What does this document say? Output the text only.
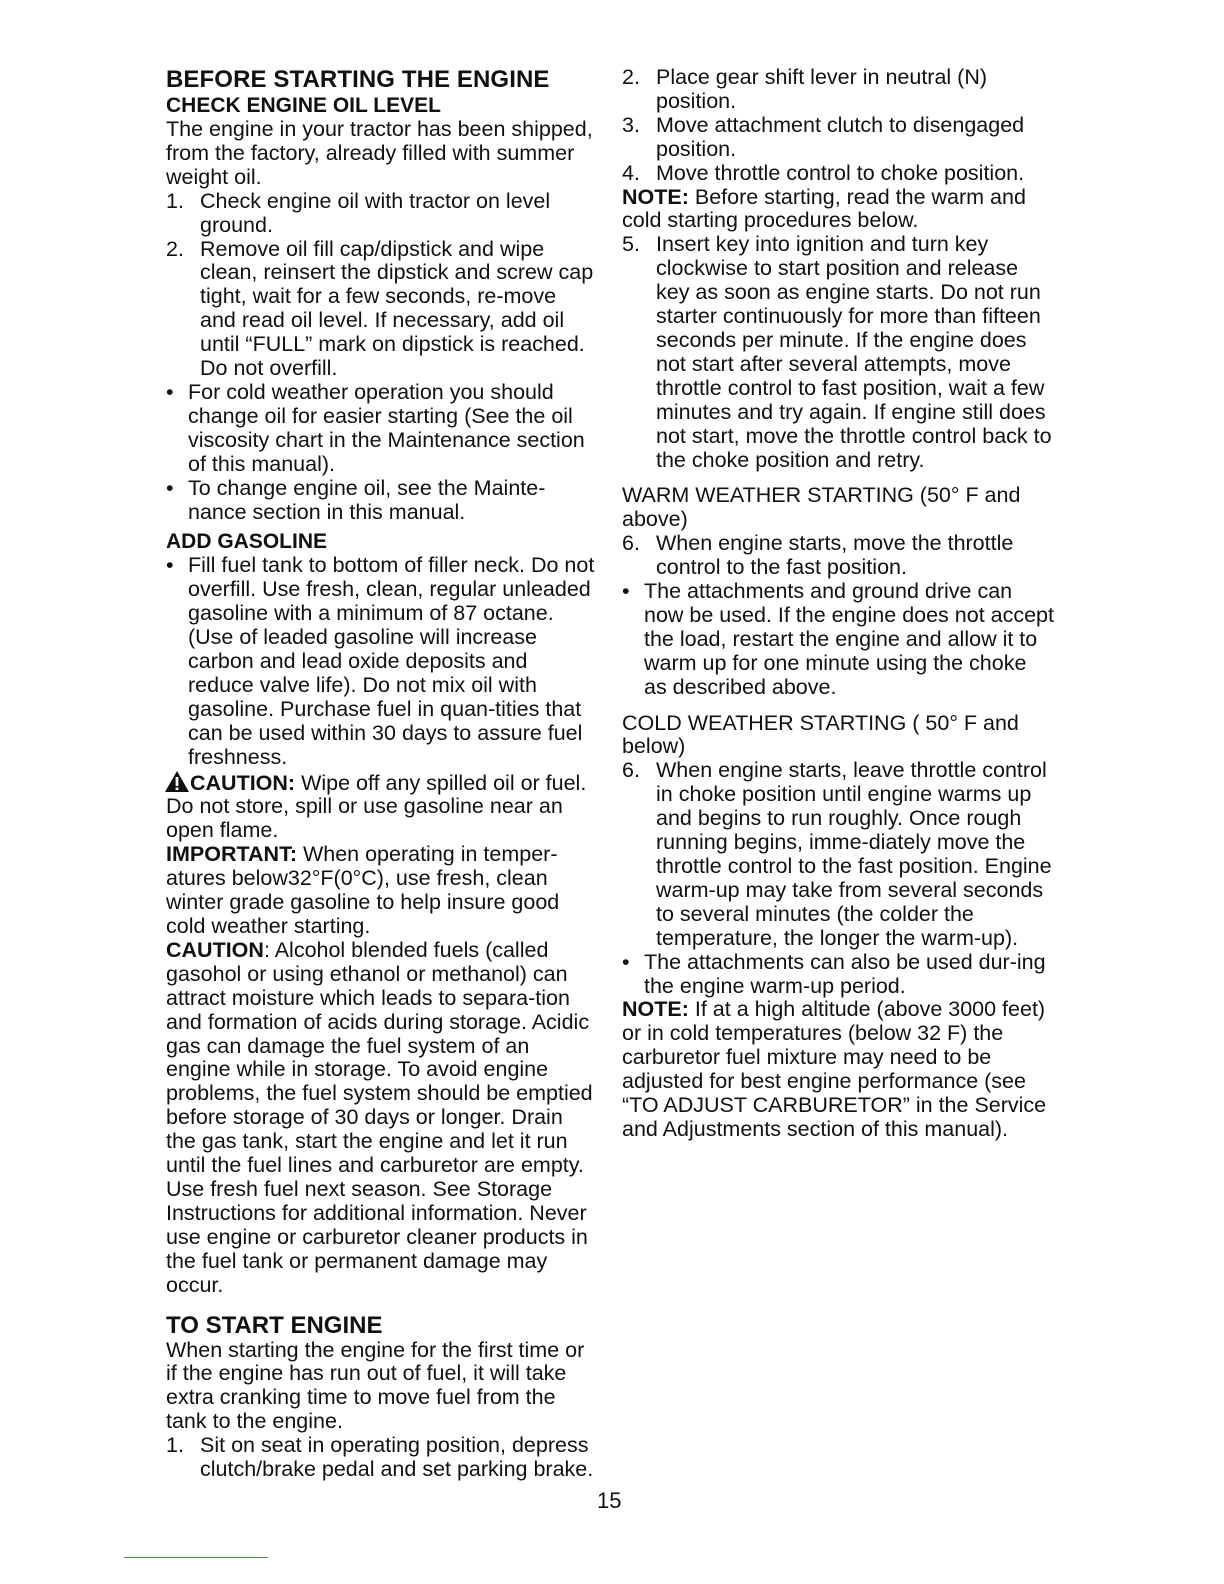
BEFORE STARTING THE ENGINE
CHECK ENGINE OIL LEVEL

The engine in your tractor has been shipped, from the factory, already filled with summer weight oil.

1. Check engine oil with tractor on level ground.
2. Remove oil fill cap/dipstick and wipe clean, reinsert the dipstick and screw cap tight, wait for a few seconds, re-move and read oil level. If necessary, add oil until “FULL” mark on dipstick is reached. Do not overfill.
• For cold weather operation you should change oil for easier starting (See the oil viscosity chart in the Maintenance section of this manual).
• To change engine oil, see the Mainte-nance section in this manual.
ADD GASOLINE
• Fill fuel tank to bottom of filler neck. Do not overfill. Use fresh, clean, regular unleaded gasoline with a minimum of 87 octane. (Use of leaded gasoline will increase carbon and lead oxide deposits and reduce valve life). Do not mix oil with gasoline. Purchase fuel in quan-tities that can be used within 30 days to assure fuel freshness.

CAUTION: Wipe off any spilled oil or fuel. Do not store, spill or use gasoline near an open flame.

IMPORTANT: When operating in temper-atures below32°F(0°C), use fresh, clean winter grade gasoline to help insure good cold weather starting.

CAUTION: Alcohol blended fuels (called gasohol or using ethanol or methanol) can attract moisture which leads to separa-tion and formation of acids during storage. Acidic gas can damage the fuel system of an engine while in storage. To avoid engine problems, the fuel system should be emptied before storage of 30 days or longer. Drain the gas tank, start the engine and let it run until the fuel lines and carburetor are empty. Use fresh fuel next season. See Storage Instructions for additional information. Never use engine or carburetor cleaner products in the fuel tank or permanent damage may occur.

TO START ENGINE

When starting the engine for the first time or if the engine has run out of fuel, it will take extra cranking time to move fuel from the tank to the engine.

1. Sit on seat in operating position, depress clutch/brake pedal and set parking brake.
2. Place gear shift lever in neutral (N) position.
3. Move attachment clutch to disengaged position.
4. Move throttle control to choke position.

NOTE: Before starting, read the warm and cold starting procedures below.

5. Insert key into ignition and turn key clockwise to start position and release key as soon as engine starts. Do not run starter continuously for more than fifteen seconds per minute. If the engine does not start after several attempts, move throttle control to fast position, wait a few minutes and try again. If engine still does not start, move the throttle control back to the choke position and retry.

WARM WEATHER STARTING (50° F and above)

6. When engine starts, move the throttle control to the fast position.
• The attachments and ground drive can now be used. If the engine does not accept the load, restart the engine and allow it to warm up for one minute using the choke as described above.

COLD WEATHER STARTING ( 50° F and below)

6. When engine starts, leave throttle control in choke position until engine warms up and begins to run roughly. Once rough running begins, imme-diately move the throttle control to the fast position. Engine warm-up may take from several seconds to several minutes (the colder the temperature, the longer the warm-up).
• The attachments can also be used dur-ing the engine warm-up period.

NOTE: If at a high altitude (above 3000 feet) or in cold temperatures (below 32 F) the carburetor fuel mixture may need to be adjusted for best engine performance (see “TO ADJUST CARBURETOR” in the Service and Adjustments section of this manual).

15
